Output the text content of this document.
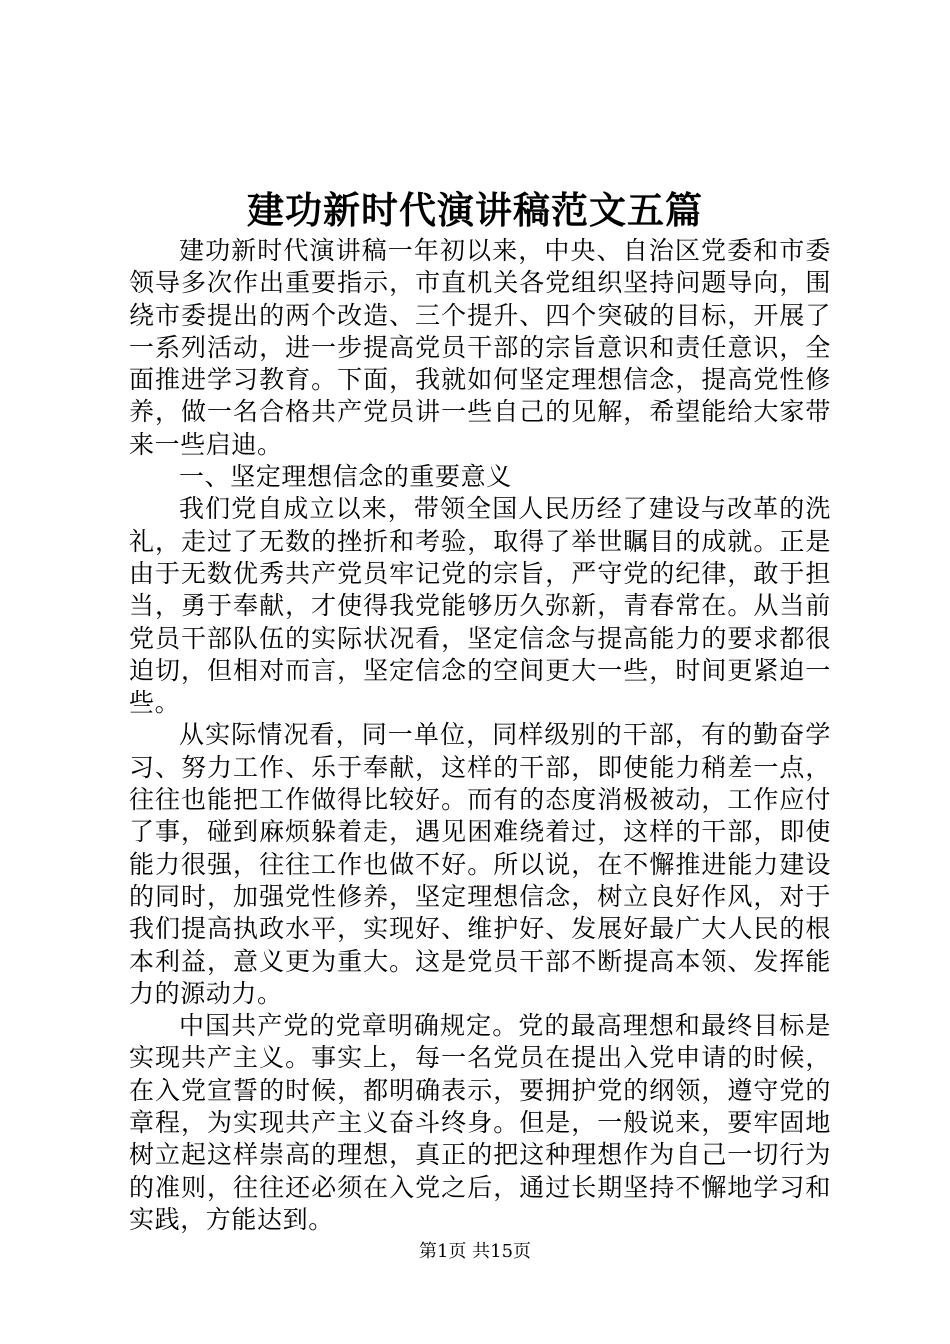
建功新时代演讲稿范文五篇

建功新时代演讲稿一年初以来，中央、自治区党委和市委领导多次作出重要指示，市直机关各党组织坚持问题导向，围绕市委提出的两个改造、三个提升、四个突破的目标，开展了一系列活动，进一步提高党员干部的宗旨意识和责任意识，全面推进学习教育。下面，我就如何坚定理想信念，提高党性修养，做一名合格共产党员讲一些自己的见解，希望能给大家带来一些启迪。

一、坚定理想信念的重要意义

我们党自成立以来，带领全国人民历经了建设与改革的洗礼，走过了无数的挫折和考验，取得了举世瞩目的成就。正是由于无数优秀共产党员牢记党的宗旨，严守党的纪律，敢于担当，勇于奉献，才使得我党能够历久弥新，青春常在。从当前党员干部队伍的实际状况看，坚定信念与提高能力的要求都很迫切，但相对而言，坚定信念的空间更大一些，时间更紧迫一些。

从实际情况看，同一单位，同样级别的干部，有的勤奋学习、努力工作、乐于奉献，这样的干部，即使能力稍差一点，往往也能把工作做得比较好。而有的态度消极被动，工作应付了事，碰到麻烦躲着走，遇见困难绕着过，这样的干部，即使能力很强，往往工作也做不好。所以说，在不懈推进能力建设的同时，加强党性修养，坚定理想信念，树立良好作风，对于我们提高执政水平，实现好、维护好、发展好最广大人民的根本利益，意义更为重大。这是党员干部不断提高本领、发挥能力的源动力。

中国共产党的党章明确规定。党的最高理想和最终目标是实现共产主义。事实上，每一名党员在提出入党申请的时候，在入党宣誓的时候，都明确表示，要拥护党的纲领，遵守党的章程，为实现共产主义奋斗终身。但是，一般说来，要牢固地树立起这样崇高的理想，真正的把这种理想作为自己一切行为的准则，往往还必须在入党之后，通过长期坚持不懈地学习和实践，方能达到。

第1页 共15页
